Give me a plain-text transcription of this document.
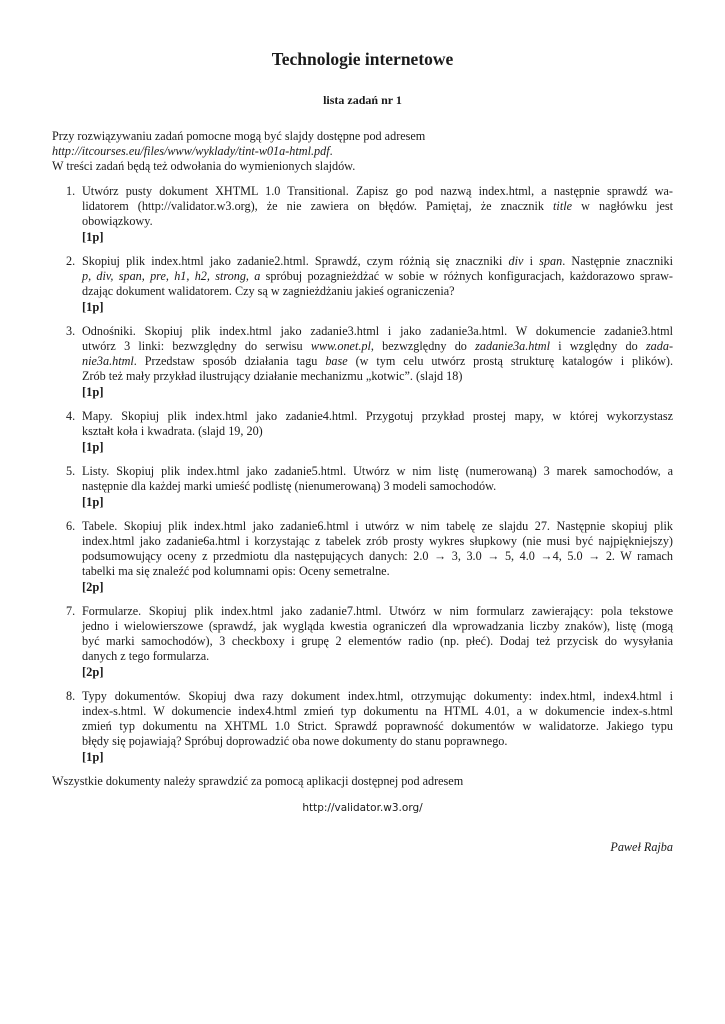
Technologie internetowe
lista zadań nr 1
Przy rozwiązywaniu zadań pomocne mogą być slajdy dostępne pod adresem
http://itcourses.eu/files/www/wyklady/tint-w01a-html.pdf.
W treści zadań będą też odwołania do wymienionych slajdów.
1. Utwórz pusty dokument XHTML 1.0 Transitional. Zapisz go pod nazwą index.html, a następnie sprawdź wa-
lidatorem (http://validator.w3.org), że nie zawiera on błędów. Pamiętaj, że znacznik title w nagłówku jest
obowiązkowy.
[1p]
2. Skopiuj plik index.html jako zadanie2.html. Sprawdź, czym różnią się znaczniki div i span. Następnie znaczniki
p, div, span, pre, h1, h2, strong, a spróbuj pozagnieżdżać w sobie w różnych konfiguracjach, każdorazowo spraw-
dzając dokument walidatorem. Czy są w zagnieżdżaniu jakieś ograniczenia?
[1p]
3. Odnośniki. Skopiuj plik index.html jako zadanie3.html i jako zadanie3a.html. W dokumencie zadanie3.html
utwórz 3 linki: bezwzględny do serwisu www.onet.pl, bezwzględny do zadanie3a.html i względny do zada-
nie3a.html. Przedstaw sposób działania tagu base (w tym celu utwórz prostą strukturę katalogów i plików).
Zrób też mały przykład ilustrujący działanie mechanizmu „kotwic”. (slajd 18)
[1p]
4. Mapy. Skopiuj plik index.html jako zadanie4.html. Przygotuj przykład prostej mapy, w której wykorzystasz
kształt koła i kwadrata. (slajd 19, 20)
[1p]
5. Listy. Skopiuj plik index.html jako zadanie5.html. Utwórz w nim listę (numerowaną) 3 marek samochodów, a
następnie dla każdej marki umieść podlistę (nienumerowaną) 3 modeli samochodów.
[1p]
6. Tabele. Skopiuj plik index.html jako zadanie6.html i utwórz w nim tabelę ze slajdu 27. Następnie skopiuj plik
index.html jako zadanie6a.html i korzystając z tabelek zrób prosty wykres słupkowy (nie musi być najpiękniejszy)
podsumowujący oceny z przedmiotu dla następujących danych: 2.0 → 3, 3.0 → 5, 4.0 →4, 5.0 → 2. W ramach
tabelki ma się znaleźć pod kolumnami opis: Oceny semetralne.
[2p]
7. Formularze. Skopiuj plik index.html jako zadanie7.html. Utwórz w nim formularz zawierający: pola tekstowe
jedno i wielowierszowe (sprawdź, jak wygląda kwestia ograniczeń dla wprowadzania liczby znaków), listę (mogą
być marki samochodów), 3 checkboxy i grupę 2 elementów radio (np. płeć). Dodaj też przycisk do wysyłania
danych z tego formularza.
[2p]
8. Typy dokumentów. Skopiuj dwa razy dokument index.html, otrzymując dokumenty: index.html, index4.html i
index-s.html. W dokumencie index4.html zmień typ dokumentu na HTML 4.01, a w dokumencie index-s.html
zmień typ dokumentu na XHTML 1.0 Strict. Sprawdź poprawność dokumentów w walidatorze. Jakiego typu
błędy się pojawiają? Spróbuj doprowadzić oba nowe dokumenty do stanu poprawnego.
[1p]
Wszystkie dokumenty należy sprawdzić za pomocą aplikacji dostępnej pod adresem
http://validator.w3.org/
Paweł Rajba
